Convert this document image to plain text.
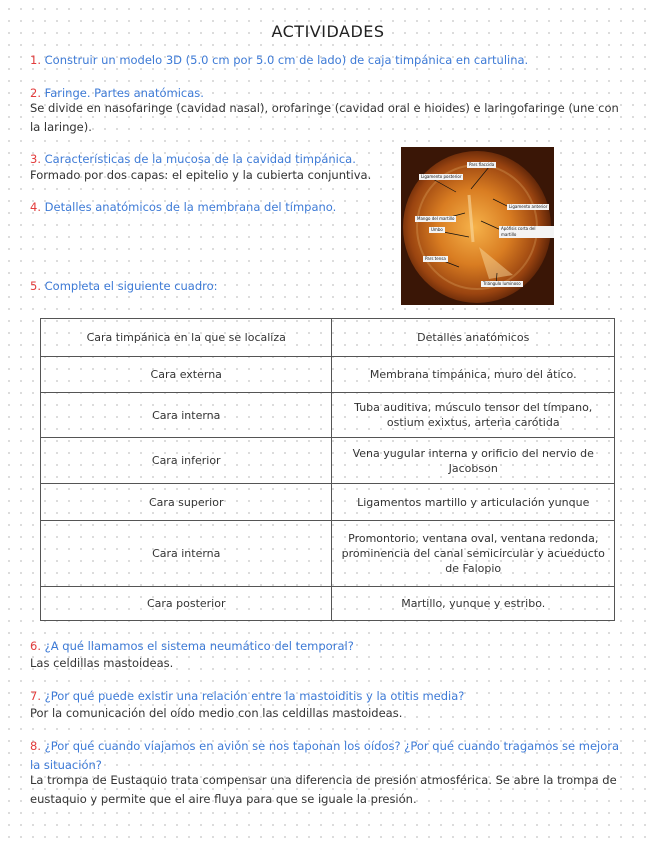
ACTIVIDADES
1. Construir un modelo 3D (5.0 cm por 5.0 cm de lado) de caja timpánica en cartulina.
2. Faringe. Partes anatómicas.
Se divide en nasofaringe (cavidad nasal), orofaringe (cavidad oral e hioides) e laringofaringe (une con la laringe).
3. Características de la mucosa de la cavidad timpánica.
Formado por dos capas: el epitelio y la cubierta conjuntiva.
4. Detalles anatómicos de la membrana del tímpano.
Pars flaccida
Ligamento posterior
Ligamento anterior
Mango del martillo
Umbo	Apófisis corta del martillo
Pars tensa
Triángulo luminoso
5. Completa el siguiente cuadro:
Cara timpánica en la que se localiza	Detalles anatómicos
Cara externa	Membrana timpánica, muro del ático.
Cara interna	Tuba auditiva, músculo tensor del tímpano, ostium exixtus, arteria carótida
Cara inferior	Vena yugular interna y orificio del nervio de Jacobson
Cara superior	Ligamentos martillo y articulación yunque
Cara interna	Promontorio, ventana oval, ventana redonda, prominencia del canal semicircular y acueducto de Falopio
Cara posterior	Martillo, yunque y estribo.
6. ¿A qué llamamos el sistema neumático del temporal?
Las celdillas mastoideas.
7. ¿Por qué puede existir una relación entre la mastoiditis y la otitis media?
Por la comunicación del oído medio con las celdillas mastoideas.
8. ¿Por qué cuando viajamos en avión se nos taponan los oídos? ¿Por qué cuando tragamos se mejora la situación?
La trompa de Eustaquio trata compensar una diferencia de presión atmosférica. Se abre la trompa de eustaquio y permite que el aire fluya para que se iguale la presión.
